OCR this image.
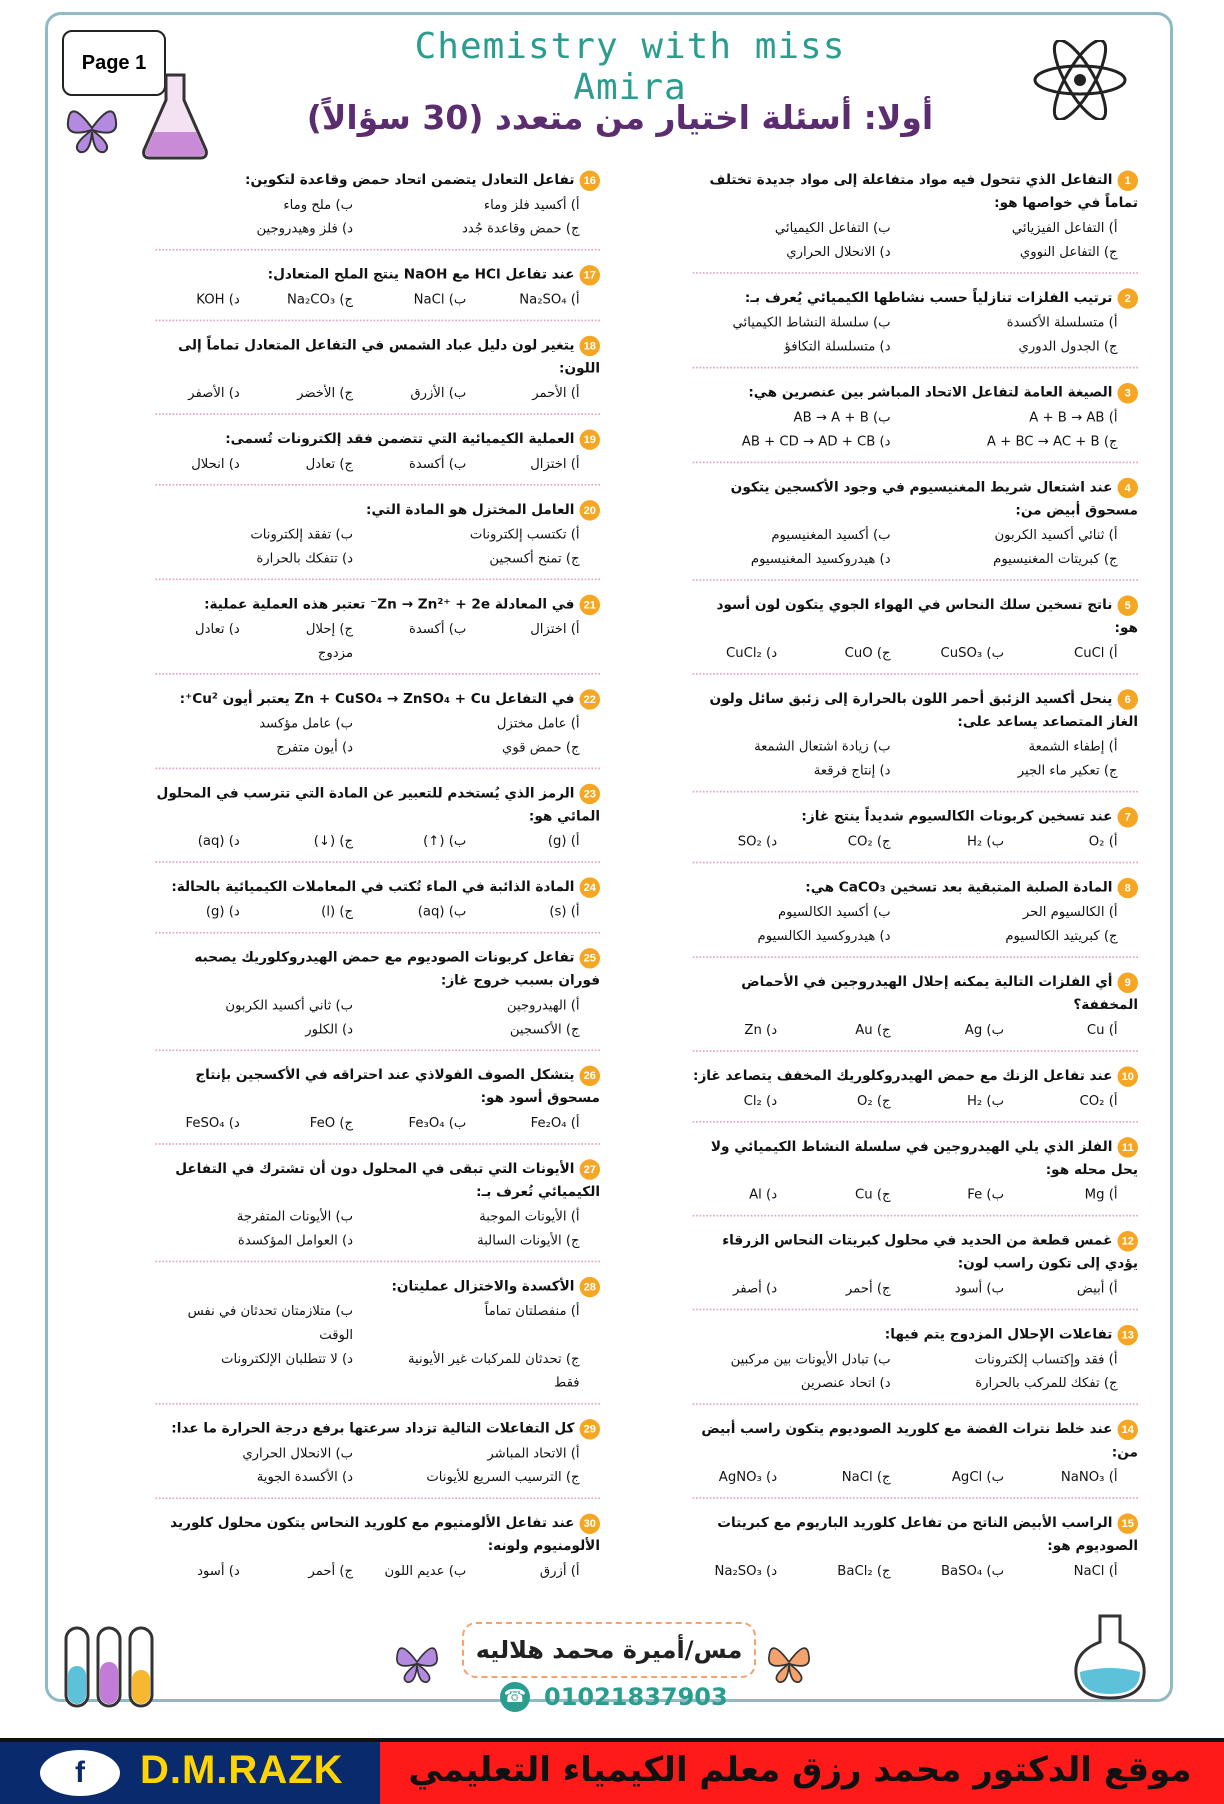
Page 1	Chemistry with miss Amira
أولا: أسئلة اختيار من متعدد (30 سؤالاً)
1التفاعل الذي تتحول فيه مواد متفاعلة إلى مواد جديدة تختلف تماماً في خواصها هو:
أ) التفاعل الفيزيائي
ب) التفاعل الكيميائي
ج) التفاعل النووي
د) الانحلال الحراري
2ترتيب الفلزات تنازلياً حسب نشاطها الكيميائي يُعرف بـ:
أ) متسلسلة الأكسدة
ب) سلسلة النشاط الكيميائي
ج) الجدول الدوري
د) متسلسلة التكافؤ
3الصيغة العامة لتفاعل الاتحاد المباشر بين عنصرين هي:
أ) A + B → AB
ب) AB → A + B
ج) A + BC → AC + B
د) AB + CD → AD + CB
4عند اشتعال شريط المغنيسيوم في وجود الأكسجين يتكون مسحوق أبيض من:
أ) ثنائي أكسيد الكربون
ب) أكسيد المغنيسيوم
ج) كبريتات المغنيسيوم
د) هيدروكسيد المغنيسيوم
5ناتج تسخين سلك النحاس في الهواء الجوي يتكون لون أسود هو:
أ) CuCl
ب) CuSO₃
ج) CuO
د) CuCl₂
6ينحل أكسيد الزئبق أحمر اللون بالحرارة إلى زئبق سائل ولون الغاز المتصاعد يساعد على:
أ) إطفاء الشمعة
ب) زيادة اشتعال الشمعة
ج) تعكير ماء الجير
د) إنتاج فرقعة
7عند تسخين كربونات الكالسيوم شديداً ينتج غاز:
أ) O₂
ب) H₂
ج) CO₂
د) SO₂
8المادة الصلبة المتبقية بعد تسخين CaCO₃ هي:
أ) الكالسيوم الحر
ب) أكسيد الكالسيوم
ج) كبريتيد الكالسيوم
د) هيدروكسيد الكالسيوم
9أي الفلزات التالية يمكنه إحلال الهيدروجين في الأحماض المخففة؟
أ) Cu
ب) Ag
ج) Au
د) Zn
10عند تفاعل الزنك مع حمض الهيدروكلوريك المخفف يتصاعد غاز:
أ) CO₂
ب) H₂
ج) O₂
د) Cl₂
11الفلز الذي يلي الهيدروجين في سلسلة النشاط الكيميائي ولا يحل محله هو:
أ) Mg
ب) Fe
ج) Cu
د) Al
12غمس قطعة من الحديد في محلول كبريتات النحاس الزرقاء يؤدي إلى تكون راسب لون:
أ) أبيض
ب) أسود
ج) أحمر
د) أصفر
13تفاعلات الإحلال المزدوج يتم فيها:
أ) فقد وإكتساب إلكترونات
ب) تبادل الأيونات بين مركبين
ج) تفكك للمركب بالحرارة
د) اتحاد عنصرين
14عند خلط نترات الفضة مع كلوريد الصوديوم يتكون راسب أبيض من:
أ) NaNO₃
ب) AgCl
ج) NaCl
د) AgNO₃
15الراسب الأبيض الناتج من تفاعل كلوريد الباريوم مع كبريتات الصوديوم هو:
أ) NaCl
ب) BaSO₄
ج) BaCl₂
د) Na₂SO₃
16تفاعل التعادل يتضمن اتحاد حمض وقاعدة لتكوين:
أ) أكسيد فلز وماء
ب) ملح وماء
ج) حمض وقاعدة جُدد
د) فلز وهيدروجين
17عند تفاعل HCl مع NaOH ينتج الملح المتعادل:
أ) Na₂SO₄
ب) NaCl
ج) Na₂CO₃
د) KOH
18يتغير لون دليل عباد الشمس في التفاعل المتعادل تماماً إلى اللون:
أ) الأحمر
ب) الأزرق
ج) الأخضر
د) الأصفر
19العملية الكيميائية التي تتضمن فقد إلكترونات تُسمى:
أ) اختزال
ب) أكسدة
ج) تعادل
د) انحلال
20العامل المختزل هو المادة التي:
أ) تكتسب إلكترونات
ب) تفقد إلكترونات
ج) تمنح أكسجين
د) تتفكك بالحرارة
21في المعادلة Zn → Zn²⁺ + 2e⁻ تعتبر هذه العملية عملية:
أ) اختزال
ب) أكسدة
ج) إحلال مزدوج
د) تعادل
22في التفاعل Zn + CuSO₄ → ZnSO₄ + Cu يعتبر أيون Cu²⁺:
أ) عامل مختزل
ب) عامل مؤكسد
ج) حمض قوي
د) أيون متفرج
23الرمز الذي يُستخدم للتعبير عن المادة التي تترسب في المحلول المائي هو:
أ) (g)
ب) (↑)
ج) (↓)
د) (aq)
24المادة الذائبة في الماء تُكتب في المعاملات الكيميائية بالحالة:
أ) (s)
ب) (aq)
ج) (l)
د) (g)
25تفاعل كربونات الصوديوم مع حمض الهيدروكلوريك يصحبه فوران بسبب خروج غاز:
أ) الهيدروجين
ب) ثاني أكسيد الكربون
ج) الأكسجين
د) الكلور
26يتشكل الصوف الفولاذي عند احتراقه في الأكسجين بإنتاج مسحوق أسود هو:
أ) Fe₂O₄
ب) Fe₃O₄
ج) FeO
د) FeSO₄
27الأيونات التي تبقى في المحلول دون أن تشترك في التفاعل الكيميائي تُعرف بـ:
أ) الأيونات الموجبة
ب) الأيونات المتفرجة
ج) الأيونات السالبة
د) العوامل المؤكسدة
28الأكسدة والاختزال عمليتان:
أ) منفصلتان تماماً
ب) متلازمتان تحدثان في نفس الوقت
ج) تحدثان للمركبات غير الأيونية فقط
د) لا تتطلبان الإلكترونات
29كل التفاعلات التالية تزداد سرعتها برفع درجة الحرارة ما عدا:
أ) الاتحاد المباشر
ب) الانحلال الحراري
ج) الترسيب السريع للأيونات
د) الأكسدة الجوية
30عند تفاعل الألومنيوم مع كلوريد النحاس يتكون محلول كلوريد الألومنيوم ولونه:
أ) أزرق
ب) عديم اللون
ج) أحمر
د) أسود
مس/أميرة محمد هلاليه
☎ 01021837903
f	D.M.RAZK	موقع الدكتور محمد رزق معلم الكيمياء التعليمي
